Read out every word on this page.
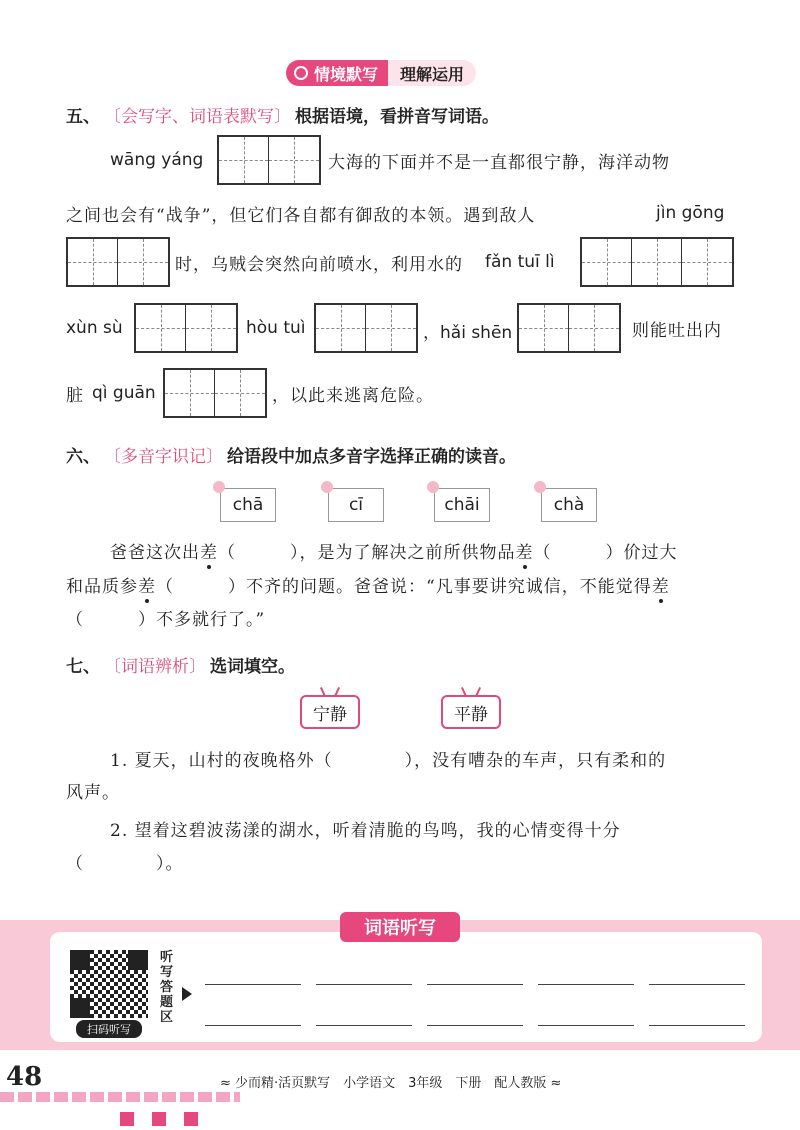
情境默写	理解运用
五、 〔会写字、词语表默写〕 根据语境，看拼音写词语。
wāng yáng	大海的下面并不是一直都很宁静，海洋动物
之间也会有“战争”，但它们各自都有御敌的本领。遇到敌人	jìn gōng
时，乌贼会突然向前喷水，利用水的 fǎn tuī lì
xùn sù	hòu tuì	，hǎi shēn	则能吐出内
脏 qì guān	，以此来逃离危险。
六、 〔多音字识记〕 给语段中加点多音字选择正确的读音。
chā	cī	chāi	chà
爸爸这次出差（　　　），是为了解决之前所供物品差（　　　）价过大
和品质参差（　　　）不齐的问题。爸爸说：“凡事要讲究诚信，不能觉得差
（　　　）不多就行了。”
七、 〔词语辨析〕 选词填空。
宁静	平静
1. 夏天，山村的夜晚格外（　　　　），没有嘈杂的车声，只有柔和的
风声。
2. 望着这碧波荡漾的湖水，听着清脆的鸟鸣，我的心情变得十分
（　　　　）。
词语听写
扫码听写
听写答题区
48	≈ 少而精·活页默写　小学语文　3年级　下册　配人教版 ≈
